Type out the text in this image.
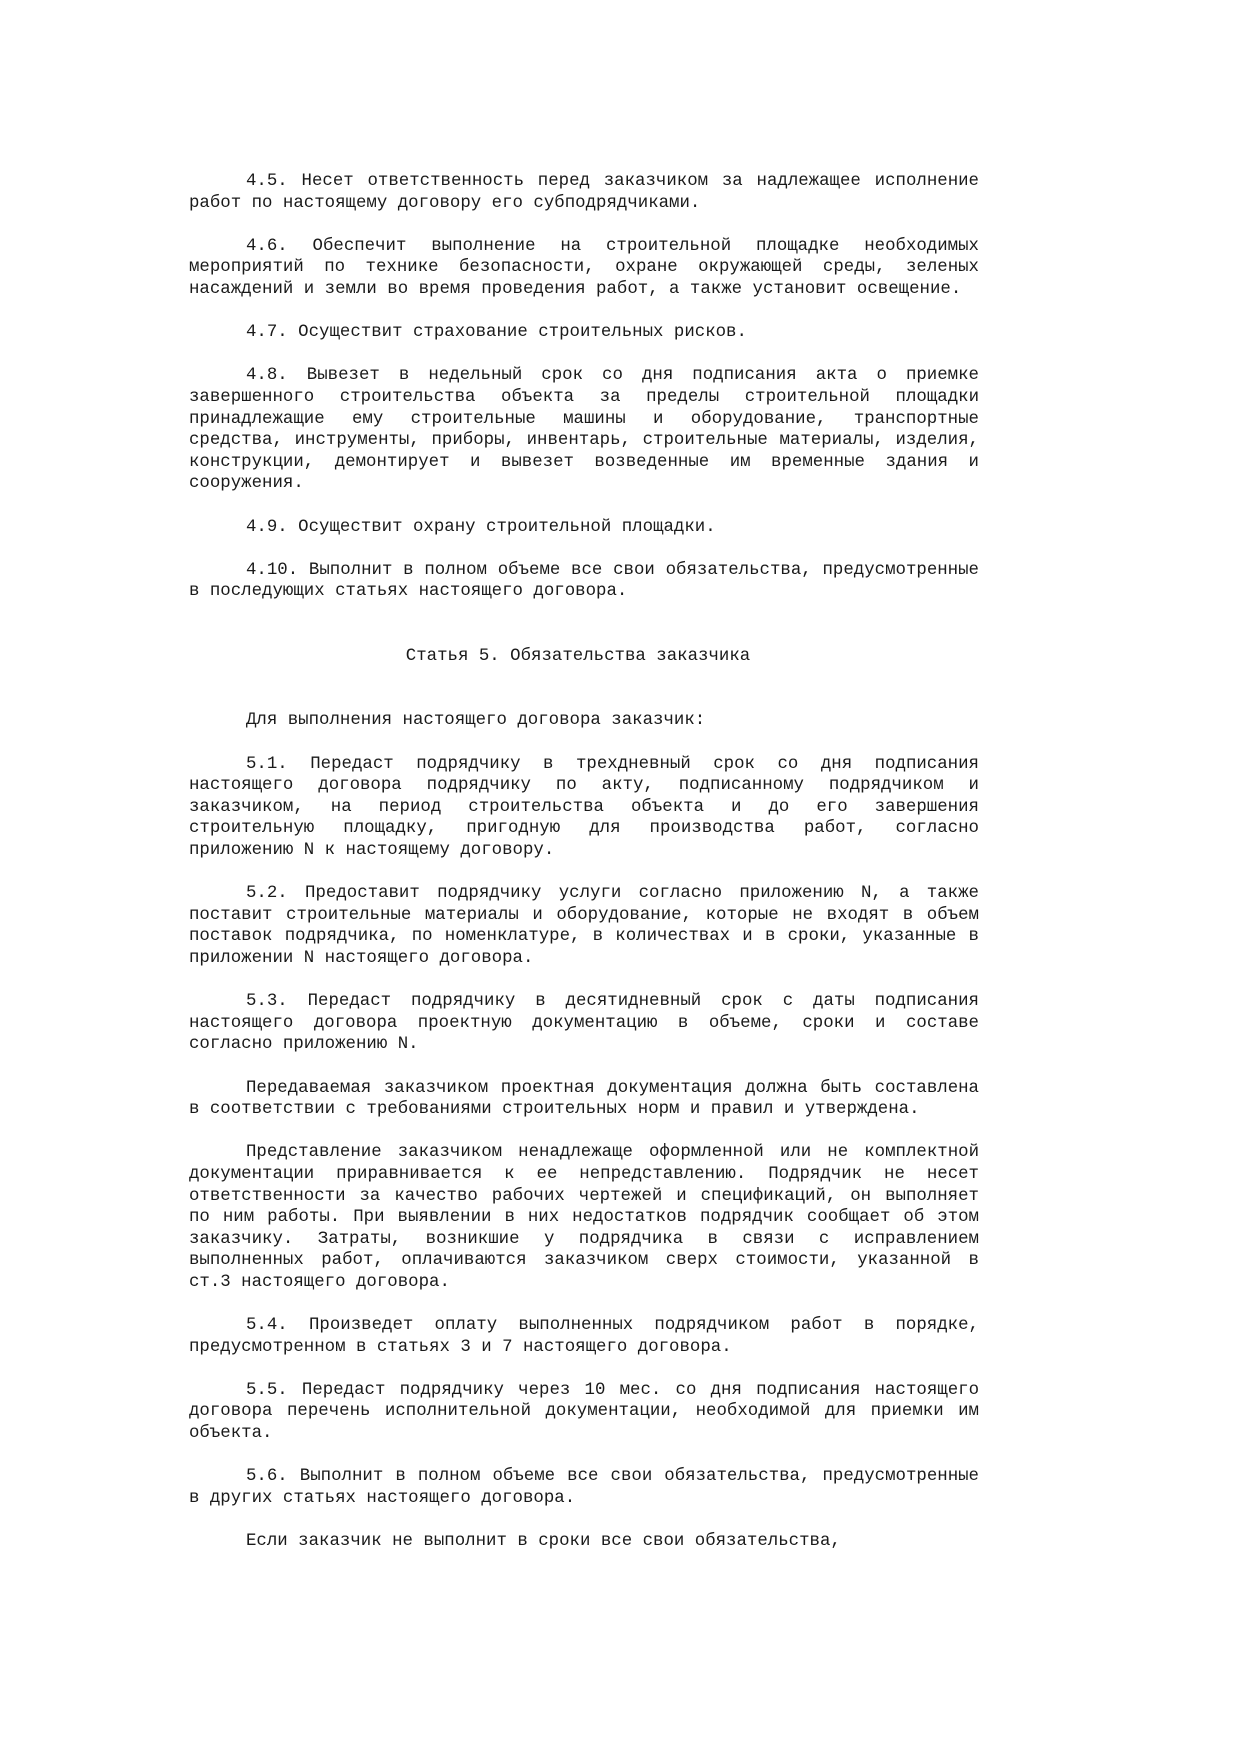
4.5. Несет ответственность перед заказчиком за надлежащее исполнение работ по настоящему договору его субподрядчиками.

4.6. Обеспечит выполнение на строительной площадке необходимых мероприятий по технике безопасности, охране окружающей среды, зеленых насаждений и земли во время проведения работ, а также установит освещение.

4.7. Осуществит страхование строительных рисков.

4.8. Вывезет в недельный срок со дня подписания акта о приемке завершенного строительства объекта за пределы строительной площадки принадлежащие ему строительные машины и оборудование, транспортные средства, инструменты, приборы, инвентарь, строительные материалы, изделия, конструкции, демонтирует и вывезет возведенные им временные здания и сооружения.

4.9. Осуществит охрану строительной площадки.

4.10. Выполнит в полном объеме все свои обязательства, предусмотренные в последующих статьях настоящего договора.

Статья 5. Обязательства заказчика

Для выполнения настоящего договора заказчик:

5.1. Передаст подрядчику в трехдневный срок со дня подписания настоящего договора подрядчику по акту, подписанному подрядчиком и заказчиком, на период строительства объекта и до его завершения строительную площадку, пригодную для производства работ, согласно приложению N к настоящему договору.

5.2. Предоставит подрядчику услуги согласно приложению N, а также поставит строительные материалы и оборудование, которые не входят в объем поставок подрядчика, по номенклатуре, в количествах и в сроки, указанные в приложении N настоящего договора.

5.3. Передаст подрядчику в десятидневный срок с даты подписания настоящего договора проектную документацию в объеме, сроки и составе согласно приложению N.

Передаваемая заказчиком проектная документация должна быть составлена в соответствии с требованиями строительных норм и правил и утверждена.

Представление заказчиком ненадлежаще оформленной или не комплектной документации приравнивается к ее непредставлению. Подрядчик не несет ответственности за качество рабочих чертежей и спецификаций, он выполняет по ним работы. При выявлении в них недостатков подрядчик сообщает об этом заказчику. Затраты, возникшие у подрядчика в связи с исправлением выполненных работ, оплачиваются заказчиком сверх стоимости, указанной в ст.3 настоящего договора.

5.4. Произведет оплату выполненных подрядчиком работ в порядке, предусмотренном в статьях 3 и 7 настоящего договора.

5.5. Передаст подрядчику через 10 мес. со дня подписания настоящего договора перечень исполнительной документации, необходимой для приемки им объекта.

5.6. Выполнит в полном объеме все свои обязательства, предусмотренные в других статьях настоящего договора.

Если заказчик не выполнит в сроки все свои обязательства,
